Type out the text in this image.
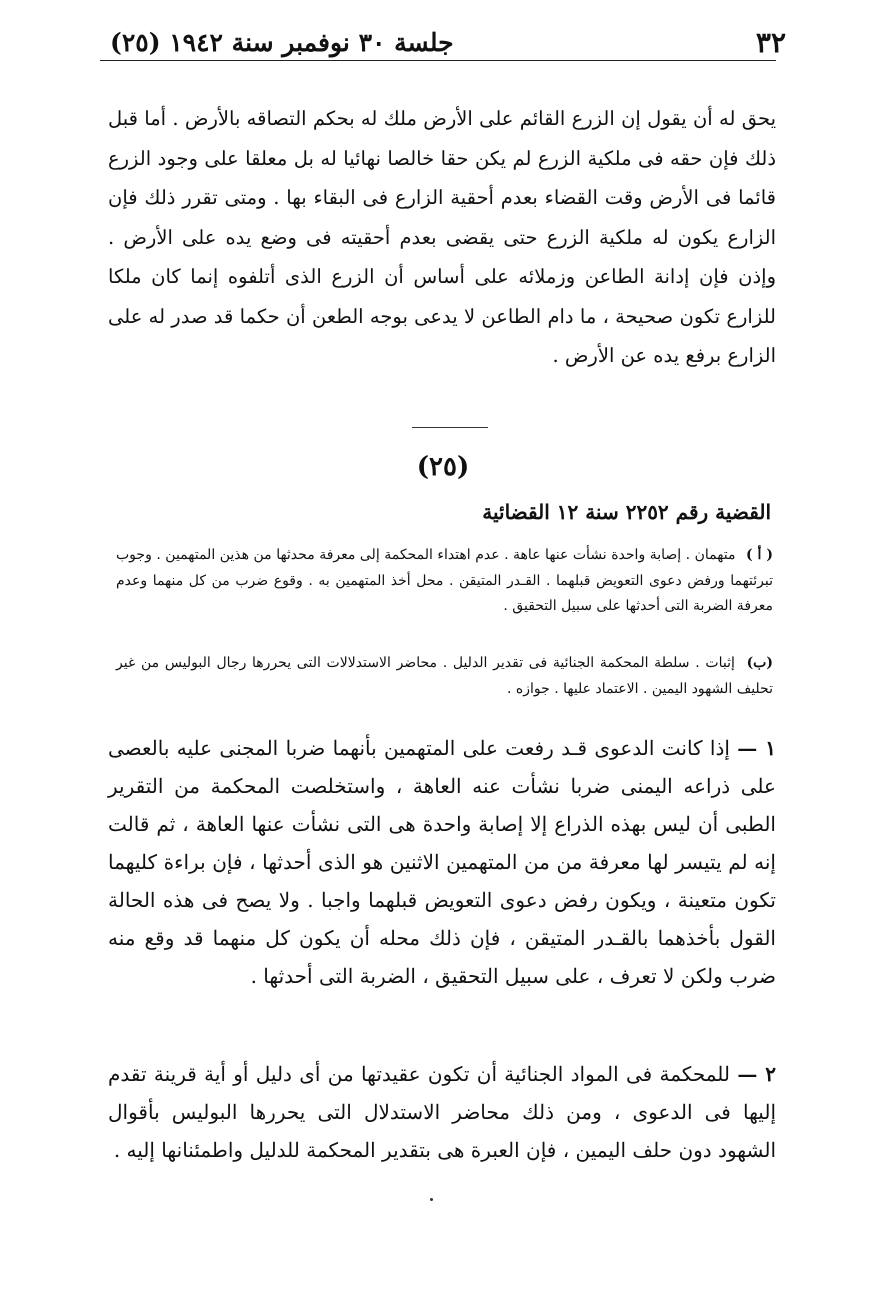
٣٢
جلسة ٣٠ نوفمبر سنة ١٩٤٢ (٢٥)

يحق له أن يقول إن الزرع القائم على الأرض ملك له بحكم التصاقه بالأرض . أما قبل ذلك فإن حقه فى ملكية الزرع لم يكن حقا خالصا نهائيا له بل معلقا على وجود الزرع قائما فى الأرض وقت القضاء بعدم أحقية الزارع فى البقاء بها . ومتى تقرر ذلك فإن الزارع يكون له ملكية الزرع حتى يقضى بعدم أحقيته فى وضع يده على الأرض . وإذن فإن إدانة الطاعن وزملائه على أساس أن الزرع الذى أتلفوه إنما كان ملكا للزارع تكون صحيحة ، ما دام الطاعن لا يدعى بوجه الطعن أن حكما قد صدر له على الزارع برفع يده عن الأرض .

(٢٥)
القضية رقم ٢٢٥٢ سنة ١٢ القضائية
( أ ) متهمان . إصابة واحدة نشأت عنها عاهة . عدم اهتداء المحكمة إلى معرفة محدثها من هذين المتهمين . وجوب تبرئتهما ورفض دعوى التعويض قبلهما . القـدر المتيقن . محل أخذ المتهمين به . وقوع ضرب من كل منهما وعدم معرفة الضربة التى أحدثها على سبيل التحقيق .
(ب) إثبات . سلطة المحكمة الجنائية فى تقدير الدليل . محاضر الاستدلالات التى يحررها رجال البوليس من غير تحليف الشهود اليمين . الاعتماد عليها . جوازه .

١ — إذا كانت الدعوى قـد رفعت على المتهمين بأنهما ضربا المجنى عليه بالعصى على ذراعه اليمنى ضربا نشأت عنه العاهة ، واستخلصت المحكمة من التقرير الطبى أن ليس بهذه الذراع إلا إصابة واحدة هى التى نشأت عنها العاهة ، ثم قالت إنه لم يتيسر لها معرفة من من المتهمين الاثنين هو الذى أحدثها ، فإن براءة كليهما تكون متعينة ، ويكون رفض دعوى التعويض قبلهما واجبا . ولا يصح فى هذه الحالة القول بأخذهما بالقـدر المتيقن ، فإن ذلك محله أن يكون كل منهما قد وقع منه ضرب ولكن لا تعرف ، على سبيل التحقيق ، الضربة التى أحدثها .

٢ — للمحكمة فى المواد الجنائية أن تكون عقيدتها من أى دليل أو أية قرينة تقدم إليها فى الدعوى ، ومن ذلك محاضر الاستدلال التى يحررها البوليس بأقوال الشهود دون حلف اليمين ، فإن العبرة هى بتقدير المحكمة للدليل واطمئنانها إليه .
